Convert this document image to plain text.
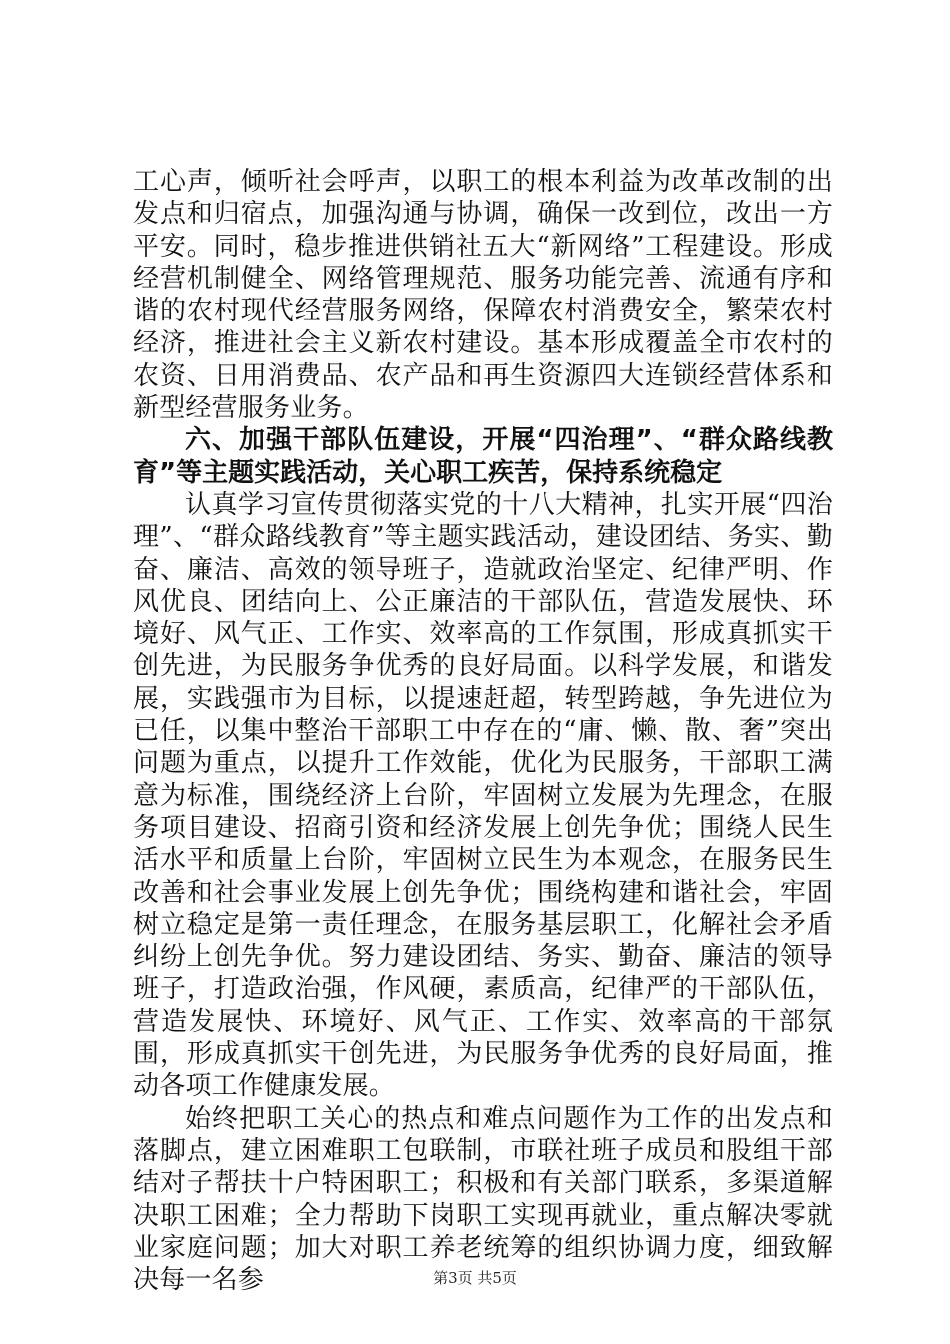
工心声，倾听社会呼声，以职工的根本利益为改革改制的出发点和归宿点，加强沟通与协调，确保一改到位，改出一方平安。同时，稳步推进供销社五大“新网络”工程建设。形成经营机制健全、网络管理规范、服务功能完善、流通有序和谐的农村现代经营服务网络，保障农村消费安全，繁荣农村经济，推进社会主义新农村建设。基本形成覆盖全市农村的农资、日用消费品、农产品和再生资源四大连锁经营体系和新型经营服务业务。

六、加强干部队伍建设，开展“四治理”、“群众路线教育”等主题实践活动，关心职工疾苦，保持系统稳定

认真学习宣传贯彻落实党的十八大精神，扎实开展“四治理”、“群众路线教育”等主题实践活动，建设团结、务实、勤奋、廉洁、高效的领导班子，造就政治坚定、纪律严明、作风优良、团结向上、公正廉洁的干部队伍，营造发展快、环境好、风气正、工作实、效率高的工作氛围，形成真抓实干创先进，为民服务争优秀的良好局面。以科学发展，和谐发展，实践强市为目标，以提速赶超，转型跨越，争先进位为已任，以集中整治干部职工中存在的“庸、懒、散、奢”突出问题为重点，以提升工作效能，优化为民服务，干部职工满意为标准，围绕经济上台阶，牢固树立发展为先理念，在服务项目建设、招商引资和经济发展上创先争优；围绕人民生活水平和质量上台阶，牢固树立民生为本观念，在服务民生改善和社会事业发展上创先争优；围绕构建和谐社会，牢固树立稳定是第一责任理念，在服务基层职工，化解社会矛盾纠纷上创先争优。努力建设团结、务实、勤奋、廉洁的领导班子，打造政治强，作风硬，素质高，纪律严的干部队伍，营造发展快、环境好、风气正、工作实、效率高的干部氛围，形成真抓实干创先进，为民服务争优秀的良好局面，推动各项工作健康发展。

始终把职工关心的热点和难点问题作为工作的出发点和落脚点，建立困难职工包联制，市联社班子成员和股组干部结对子帮扶十户特困职工；积极和有关部门联系，多渠道解决职工困难；全力帮助下岗职工实现再就业，重点解决零就业家庭问题；加大对职工养老统筹的组织协调力度，细致解决每一名参	第3页 共5页
